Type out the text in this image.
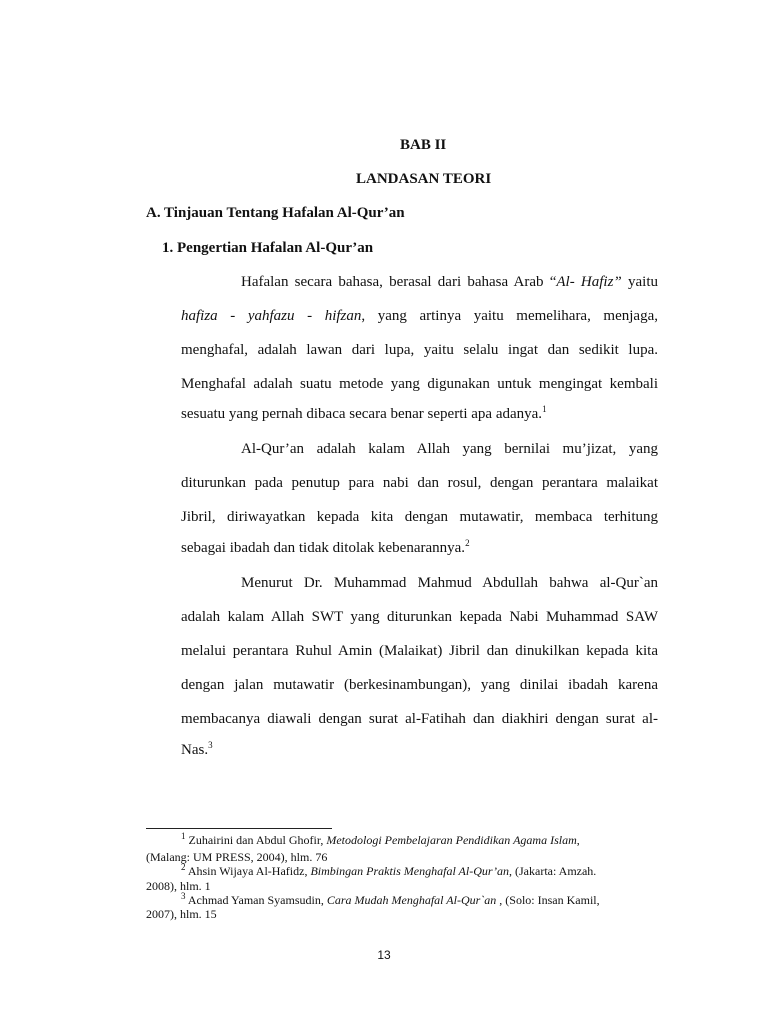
BAB II
LANDASAN TEORI
A. Tinjauan Tentang Hafalan Al-Qur’an
1. Pengertian Hafalan Al-Qur’an
Hafalan secara bahasa, berasal dari bahasa Arab “Al- Hafiz” yaitu
hafiza - yahfazu - hifzan, yang artinya yaitu memelihara, menjaga,
menghafal, adalah lawan dari lupa, yaitu selalu ingat dan sedikit lupa.
Menghafal adalah suatu metode yang digunakan untuk mengingat kembali
sesuatu yang pernah dibaca secara benar seperti apa adanya.$^1$
Al-Qur’an adalah kalam Allah yang bernilai mu’jizat, yang
diturunkan pada penutup para nabi dan rosul, dengan perantara malaikat
Jibril, diriwayatkan kepada kita dengan mutawatir, membaca terhitung
sebagai ibadah dan tidak ditolak kebenarannya.$^2$
Menurut Dr. Muhammad Mahmud Abdullah bahwa al-Qur`an
adalah kalam Allah SWT yang diturunkan kepada Nabi Muhammad SAW
melalui perantara Ruhul Amin (Malaikat) Jibril dan dinukilkan kepada kita
dengan jalan mutawatir (berkesinambungan), yang dinilai ibadah karena
membacanya diawali dengan surat al-Fatihah dan diakhiri dengan surat al-
Nas.$^3$
$^1$ Zuhairini dan Abdul Ghofir, Metodologi Pembelajaran Pendidikan Agama Islam,
(Malang: UM PRESS, 2004), hlm. 76
$^2$ Ahsin Wijaya Al-Hafidz, Bimbingan Praktis Menghafal Al-Qur’an, (Jakarta: Amzah.
2008), hlm. 1
$^3$ Achmad Yaman Syamsudin, Cara Mudah Menghafal Al-Qur`an , (Solo: Insan Kamil,
2007), hlm. 15
13
